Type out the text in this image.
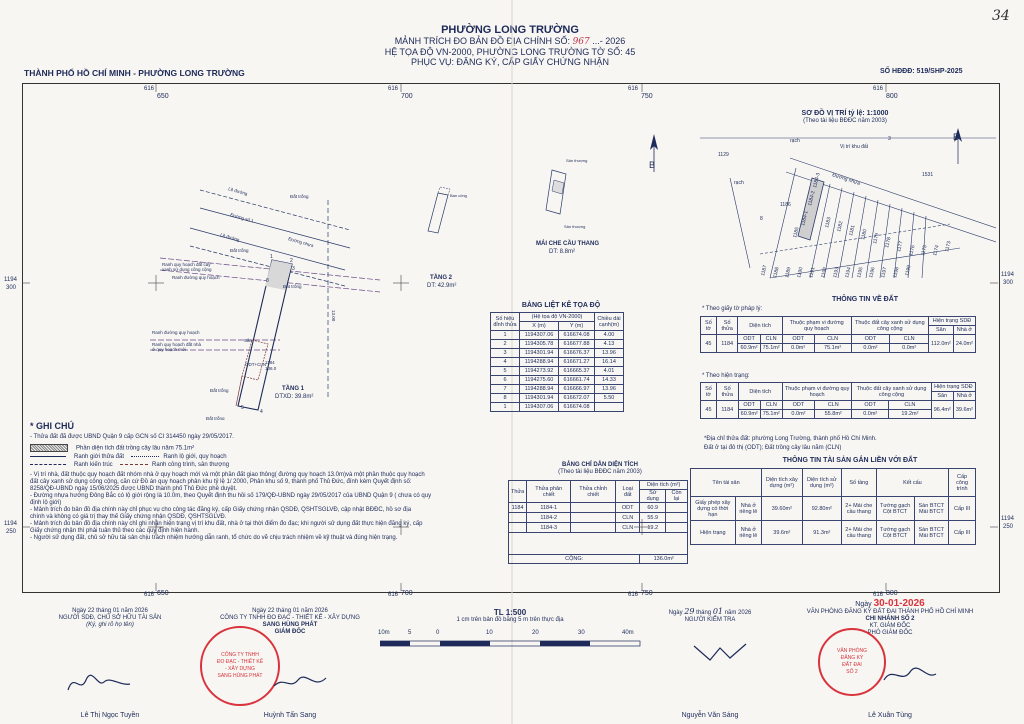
34
PHƯỜNG LONG TRƯỜNG
MẢNH TRÍCH ĐO BẢN ĐỒ ĐỊA CHÍNH SỐ: 967 ...- 2026
HỆ TỌA ĐỘ VN-2000, PHƯỜNG LONG TRƯỜNG TỜ SỐ: 45
PHỤC VỤ: ĐĂNG KÝ, CẤP GIẤY CHỨNG NHẬN
THÀNH PHỐ HỒ CHÍ MINH - PHƯỜNG LONG TRƯỜNG	SỐ HĐĐĐ: 519/SHP-2025
616
650
616
700
616
750
616
800
616 650	616 700	616 750	616 800
1194
300
1194
250
1194
300
1194
250
Lề đường
Đường số 1
Đường nhựa
Lề đường
Đất trống
Đất trống
Đất trống
Ranh quy hoạch đất cây
xanh sử dụng công cộng
Ranh đường quy hoạch
Ranh đường quy hoạch
Ranh quy hoạch đất nhà
ở quy hoạch mới
Sân
ODT+CLN
1184
136.0
Đất trống
Đất trống
13.00
1
2
3
8
5
4
TẦNG 1
DTXD: 39.8m²
Ban công
TẦNG 2
DT: 42.9m²
Sân thượng
Sân thượng
MÁI CHE CẦU THANG
DT: 8.8m²
B
SƠ ĐỒ VỊ TRÍ tỷ lệ: 1:1000
(Theo tài liệu BĐĐC năm 2003)
rạch
Vị trí khu đất
1129
rạch
1531
Đường nhựa
1186
3
8
1184-3
1184-2
1184-1
1185
1183 1182 1181 1180 1179 1178 1177 1176 1175 1174 1173
1187 1188 1189 1190 1191 1192 1193 1194 1195 1196 1197 1198 1199
B
BẢNG LIỆT KÊ TỌA ĐỘ
Số hiệu đỉnh thửa	(Hệ tọa độ VN-2000)		Chiều dài cạnh(m)
	X (m)	Y (m)	
1	1194307.06	616674.08	4.00
2	1194305.78	616677.88	4.13
3	1194301.94	616676.37	13.96
4	1194288.94	616671.27	16.14
5	1194273.92	616665.37	4.01
6	1194275.60	616661.74	14.33
7	1194288.94	616666.97	13.96
8	1194301.94	616672.07	5.50
1	1194307.06	616674.08	
BẢNG CHỈ DẪN DIỆN TÍCH
(Theo tài liệu BĐĐC năm 2003)
Thửa	Thửa phân chiết	Thửa chỉnh chiết	Loại đất	Diện tích (m²)	
				Sử dụng	Còn lại
1184	1184-1		ODT	60.9	
	1184-2		CLN	55.9	
	1184-3		CLN	19.2	

CỘNG:				136.0m²	
THÔNG TIN VỀ ĐẤT
* Theo giấy tờ pháp lý:
Số tờ	Số thửa	Diện tích		Thuộc phạm vi đường quy hoạch		Thuộc đất cây xanh sử dụng công cộng		Hiện trạng SDĐ	
								Sân	Nhà ở
45	1184	ODT	CLN	ODT	CLN	ODT	CLN	112.0m²	24.0m²
		60.9m²	75.1m²	0.0m²	75.1m²	0.0m²	0.0m²		
* Theo hiện trạng:
Số tờ	Số thửa	Diện tích		Thuộc phạm vi đường quy hoạch		Thuộc đất cây xanh sử dụng công cộng		Hiện trạng SDĐ	
								Sân	Nhà ở
45	1184	ODT	CLN	ODT	CLN	ODT	CLN	96.4m²	39.6m²
		60.9m²	75.1m²	0.0m²	55.8m²	0.0m²	19.2m²		
*Địa chỉ thửa đất: phường Long Trường, thành phố Hồ Chí Minh.
Đất ở tại đô thị (ODT); Đất trồng cây lâu năm (CLN)
THÔNG TIN TÀI SẢN GẮN LIỀN VỚI ĐẤT
Tên tài sản		Diện tích xây dựng (m²)	Diện tích sử dụng (m²)	Số tầng	Kết cấu		Cấp công trình
Giấy phép xây dựng có thời hạn	Nhà ở riêng lẻ	39.60m²	92.80m²	2+ Mái che cầu thang	Tường gạch Cột BTCT	Sàn BTCT Mái BTCT	Cấp III
Hiện trạng	Nhà ở riêng lẻ	39.6m²	91.3m²	2+ Mái che cầu thang	Tường gạch Cột BTCT	Sàn BTCT Mái BTCT	Cấp III
* GHI CHÚ
- Thửa đất đã được UBND Quận 9 cấp GCN số CI 314450 ngày 29/05/2017.
Phần diện tích đất trồng cây lâu năm 75.1m²
Ranh giới thửa đất	Ranh lộ giới, quy hoạch
Ranh kiến trúc	Ranh công trình, sân thượng
- Vị trí nhà, đất thuộc quy hoạch đất nhóm nhà ở quy hoạch mới và một phần đất giao thông( đường quy hoạch 13.0m)và một phần thuộc quy hoạch
đất cây xanh sử dụng công cộng, căn cứ Đồ án quy hoạch phân khu tỷ lệ 1/ 2000, Phân khu số 9, thành phố Thủ Đức, đính kèm Quyết định số:
8258/QĐ-UBND ngày 15/06/2025 được UBND thành phố Thủ Đức phê duyệt.
- Đường nhựa hướng Đông Bắc có lộ giới rộng là 10.0m, theo Quyết định thu hồi số 179/QĐ-UBND ngày 29/05/2017 của UBND Quận 9 ( chưa có quy
định lộ giới)
- Mảnh trích đo bản đồ địa chính này chỉ phục vụ cho công tác đăng ký, cấp Giấy chứng nhận QSDĐ, QSHTSGLVĐ, cập nhật BĐĐC, hồ sơ địa
chính và không có giá trị thay thế Giấy chứng nhận QSDĐ, QSHTSGLVĐ.
- Mảnh trích đo bản đồ địa chính này chỉ ghi nhận hiện trạng vị trí khu đất, nhà ở tại thời điểm đo đạc; khi người sử dụng đất thực hiện đăng ký, cấp
Giấy chứng nhận thì phải tuân thủ theo các quy định hiện hành.
- Người sử dụng đất, chủ sở hữu tài sản chịu trách nhiệm hướng dẫn ranh, tổ chức do vẽ chịu trách nhiệm về kỹ thuật và đúng hiện trạng.
Ngày 22 tháng 01 năm 2026
NGƯỜI SDĐ, CHỦ SỞ HỮU TÀI SẢN
(Ký, ghi rõ họ tên)
Lê Thị Ngọc Tuyền
Ngày 22 tháng 01 năm 2026
CÔNG TY TNHH ĐO ĐẠC - THIẾT KẾ - XÂY DỰNG
SANG HÙNG PHÁT
GIÁM ĐỐC
CÔNG TY TNHH
ĐO ĐẠC - THIẾT KẾ
- XÂY DỰNG
SANG HÙNG PHÁT
Huỳnh Tấn Sang
TL 1:500
1 cm trên bản đồ bằng 5 m trên thực địa
10m	5	0	10	20	30	40m
Ngày 29 tháng 01 năm 2026
NGƯỜI KIỂM TRA
Nguyễn Văn Sáng
Ngày 30-01-2026
VĂN PHÒNG ĐĂNG KÝ ĐẤT ĐAI THÀNH PHỐ HỒ CHÍ MINH
CHI NHÁNH SỐ 2
KT. GIÁM ĐỐC
PHÓ GIÁM ĐỐC
VĂN PHÒNG
ĐĂNG KÝ
ĐẤT ĐAI
SỐ 2
Lê Xuân Tùng
